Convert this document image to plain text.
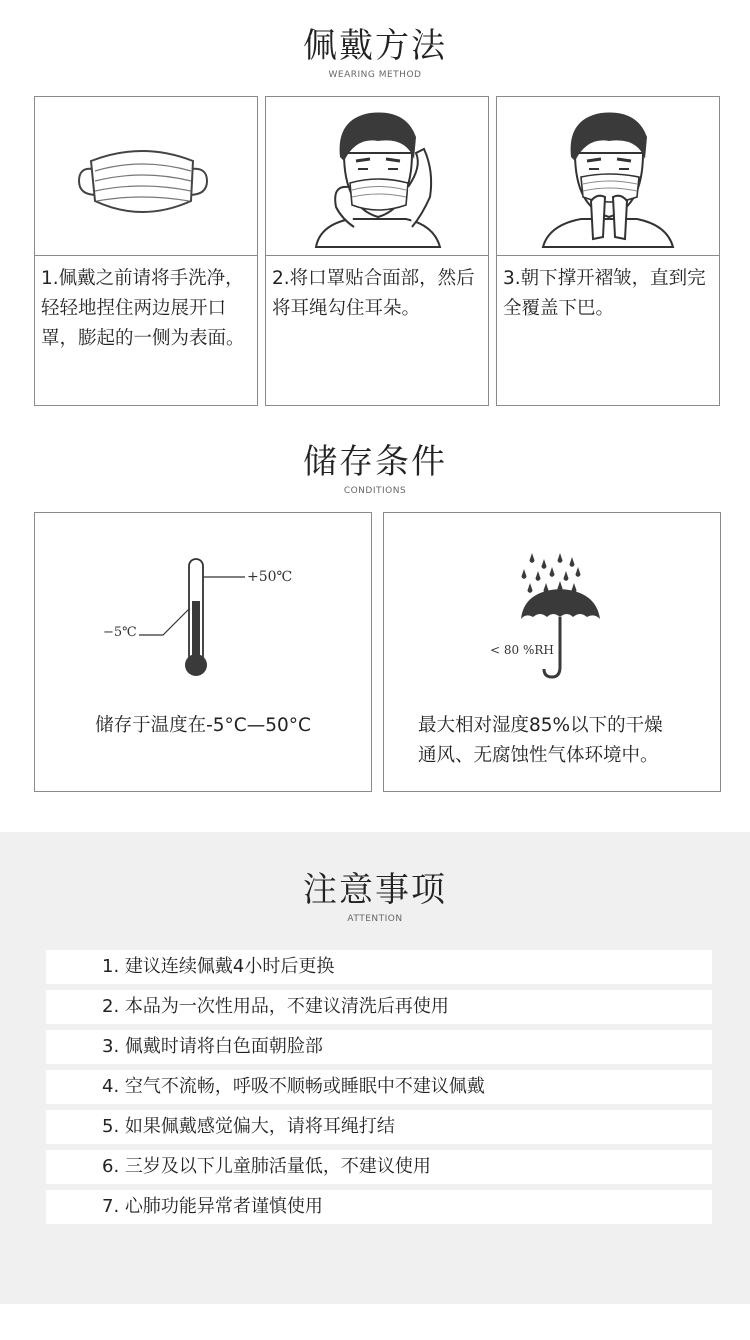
佩戴方法
WEARING METHOD
1.佩戴之前请将手洗净，轻轻地捏住两边展开口罩，膨起的一侧为表面。
2.将口罩贴合面部，然后将耳绳勾住耳朵。
3.朝下撑开褶皱，直到完全覆盖下巴。
储存条件
CONDITIONS
+50℃
−5℃
储存于温度在-5°C—50°C
< 80 %RH
最大相对湿度85%以下的干燥
通风、无腐蚀性气体环境中。
注意事项
ATTENTION
1. 建议连续佩戴4小时后更换
2. 本品为一次性用品，不建议清洗后再使用
3. 佩戴时请将白色面朝脸部
4. 空气不流畅，呼吸不顺畅或睡眠中不建议佩戴
5. 如果佩戴感觉偏大，请将耳绳打结
6. 三岁及以下儿童肺活量低，不建议使用
7. 心肺功能异常者谨慎使用
